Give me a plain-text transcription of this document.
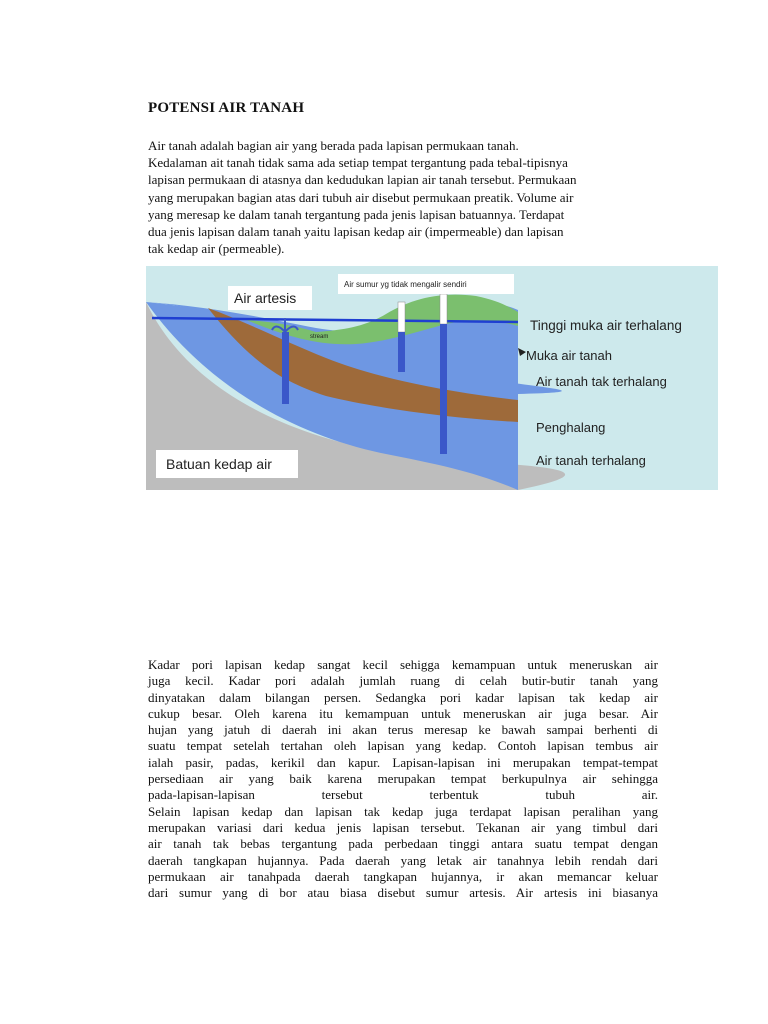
POTENSI AIR TANAH

Air tanah adalah bagian air yang berada pada lapisan permukaan tanah.
Kedalaman ait tanah tidak sama ada setiap tempat tergantung pada tebal-tipisnya
lapisan permukaan di atasnya dan kedudukan lapian air tanah tersebut. Permukaan
yang merupakan bagian atas dari tubuh air disebut permukaan preatik. Volume air
yang meresap ke dalam tanah tergantung pada jenis lapisan batuannya. Terdapat
dua jenis lapisan dalam tanah yaitu lapisan kedap air (impermeable) dan lapisan
tak kedap air (permeable).

Air artesis
Air sumur yg tidak mengalir sendiri
stream
Batuan kedap air
Tinggi muka air terhalang
Muka air tanah
Air tanah tak terhalang
Penghalang
Air tanah terhalang

Kadar pori lapisan kedap sangat kecil sehigga kemampuan untuk meneruskan air
juga kecil. Kadar pori adalah jumlah ruang di celah butir-butir tanah yang
dinyatakan dalam bilangan persen. Sedangka pori kadar lapisan tak kedap air
cukup besar. Oleh karena itu kemampuan untuk meneruskan air juga besar. Air
hujan yang jatuh di daerah ini akan terus meresap ke bawah sampai berhenti di
suatu tempat setelah tertahan oleh lapisan yang kedap. Contoh lapisan tembus air
ialah pasir, padas, kerikil dan kapur. Lapisan-lapisan ini merupakan tempat-tempat
persediaan air yang baik karena merupakan tempat berkupulnya air sehingga
pada-lapisan-lapisan tersebut terbentuk tubuh air.
Selain lapisan kedap dan lapisan tak kedap juga terdapat lapisan peralihan yang
merupakan variasi dari kedua jenis lapisan tersebut. Tekanan air yang timbul dari
air tanah tak bebas tergantung pada perbedaan tinggi antara suatu tempat dengan
daerah tangkapan hujannya. Pada daerah yang letak air tanahnya lebih rendah dari
permukaan air tanahpada daerah tangkapan hujannya, ir akan memancar keluar
dari sumur yang di bor atau biasa disebut sumur artesis. Air artesis ini biasanya
